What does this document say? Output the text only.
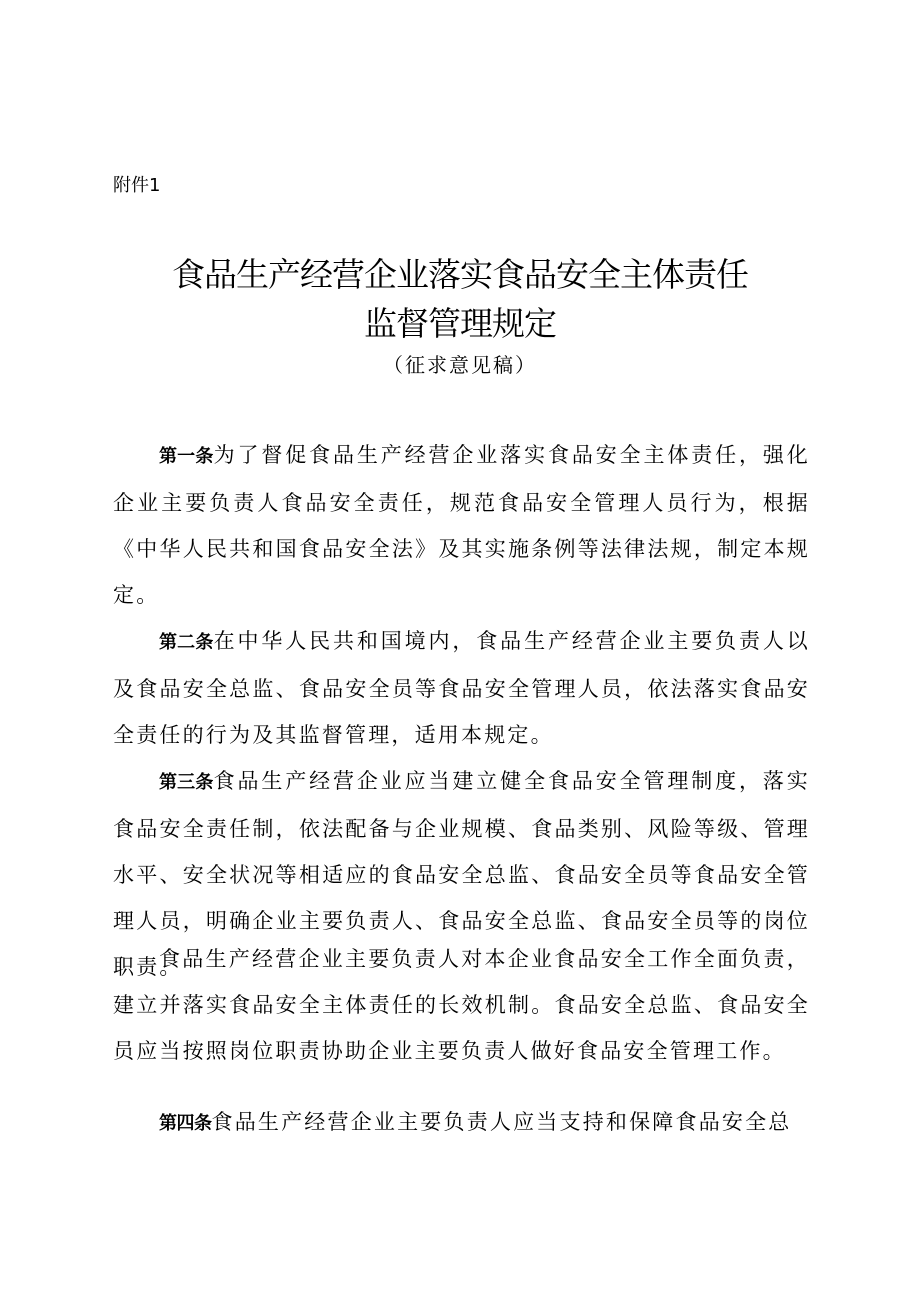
附件1
食品生产经营企业落实食品安全主体责任
监督管理规定
（征求意见稿）

第一条为了督促食品生产经营企业落实食品安全主体责任，强化企业主要负责人食品安全责任，规范食品安全管理人员行为，根据《中华人民共和国食品安全法》及其实施条例等法律法规，制定本规定。

第二条在中华人民共和国境内，食品生产经营企业主要负责人以及食品安全总监、食品安全员等食品安全管理人员，依法落实食品安全责任的行为及其监督管理，适用本规定。

第三条食品生产经营企业应当建立健全食品安全管理制度，落实食品安全责任制，依法配备与企业规模、食品类别、风险等级、管理水平、安全状况等相适应的食品安全总监、食品安全员等食品安全管理人员，明确企业主要负责人、食品安全总监、食品安全员等的岗位职责。

食品生产经营企业主要负责人对本企业食品安全工作全面负责，建立并落实食品安全主体责任的长效机制。食品安全总监、食品安全员应当按照岗位职责协助企业主要负责人做好食品安全管理工作。

第四条食品生产经营企业主要负责人应当支持和保障食品安全总
